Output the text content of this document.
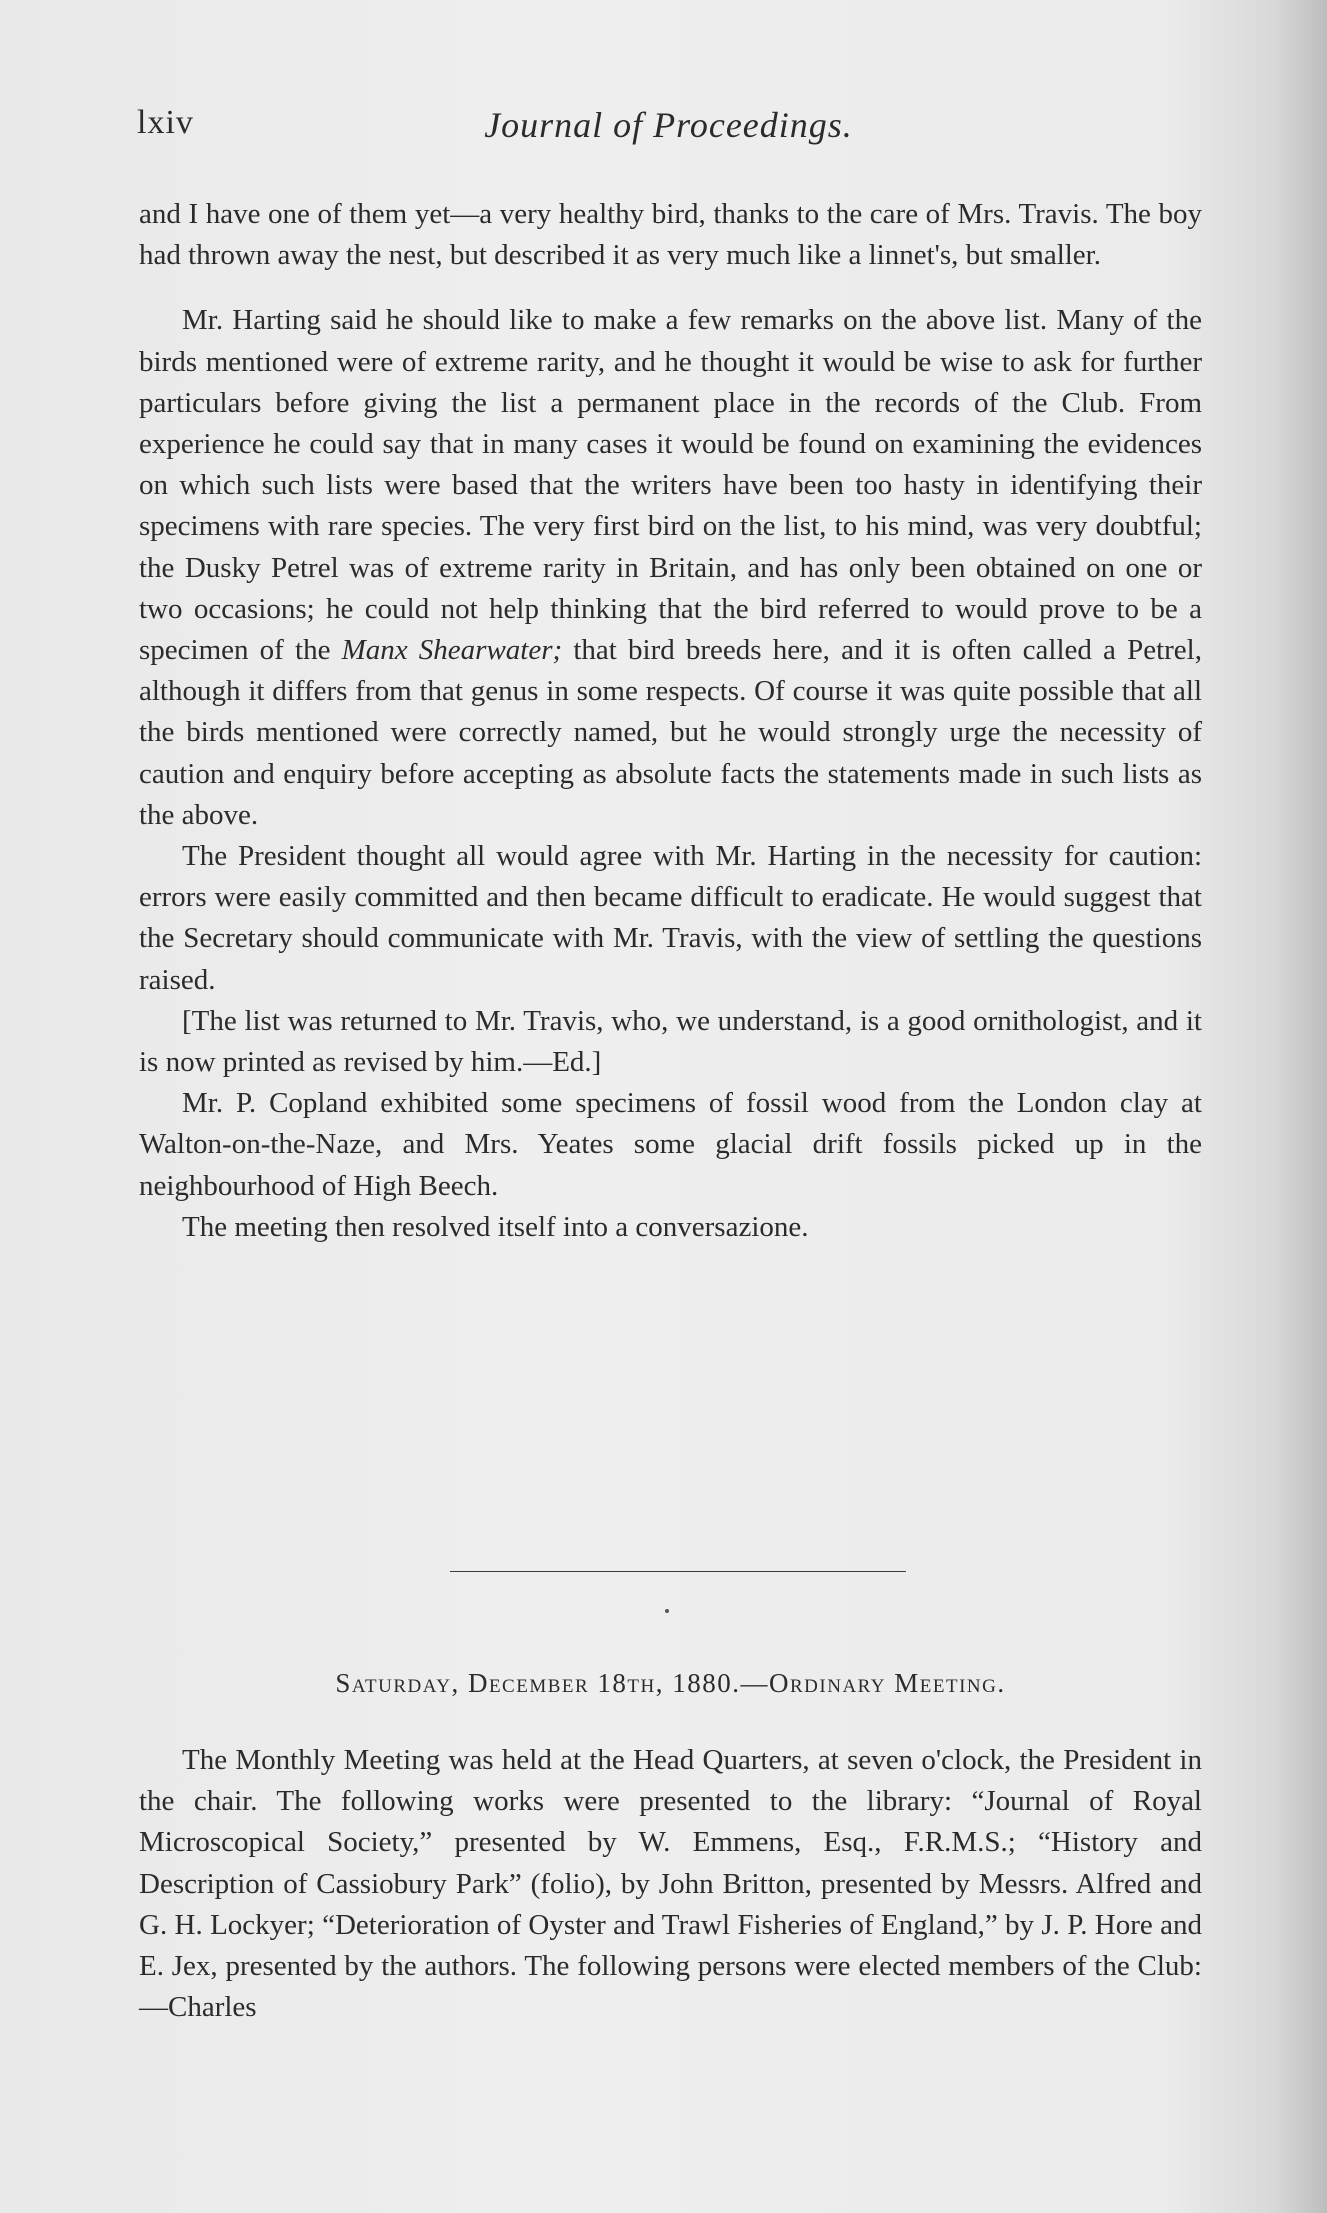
lxiv	Journal of Proceedings.

and I have one of them yet—a very healthy bird, thanks to the care of Mrs. Travis. The boy had thrown away the nest, but described it as very much like a linnet's, but smaller.

Mr. Harting said he should like to make a few remarks on the above list. Many of the birds mentioned were of extreme rarity, and he thought it would be wise to ask for further particulars before giving the list a permanent place in the records of the Club. From experience he could say that in many cases it would be found on examining the evidences on which such lists were based that the writers have been too hasty in identifying their specimens with rare species. The very first bird on the list, to his mind, was very doubtful; the Dusky Petrel was of extreme rarity in Britain, and has only been obtained on one or two occasions; he could not help thinking that the bird referred to would prove to be a specimen of the Manx Shearwater; that bird breeds here, and it is often called a Petrel, although it differs from that genus in some respects. Of course it was quite possible that all the birds mentioned were correctly named, but he would strongly urge the necessity of caution and enquiry before accepting as absolute facts the statements made in such lists as the above.

The President thought all would agree with Mr. Harting in the necessity for caution: errors were easily committed and then became difficult to eradicate. He would suggest that the Secretary should communicate with Mr. Travis, with the view of settling the questions raised.

[The list was returned to Mr. Travis, who, we understand, is a good ornithologist, and it is now printed as revised by him.—Ed.]

Mr. P. Copland exhibited some specimens of fossil wood from the London clay at Walton-on-the-Naze, and Mrs. Yeates some glacial drift fossils picked up in the neighbourhood of High Beech.

The meeting then resolved itself into a conversazione.

Saturday, December 18th, 1880.—Ordinary Meeting.

The Monthly Meeting was held at the Head Quarters, at seven o'clock, the President in the chair. The following works were presented to the library: “Journal of Royal Microscopical Society,” presented by W. Emmens, Esq., F.R.M.S.; “History and Description of Cassiobury Park” (folio), by John Britton, presented by Messrs. Alfred and G. H. Lockyer; “Deterioration of Oyster and Trawl Fisheries of England,” by J. P. Hore and E. Jex, presented by the authors. The following persons were elected members of the Club:—Charles
